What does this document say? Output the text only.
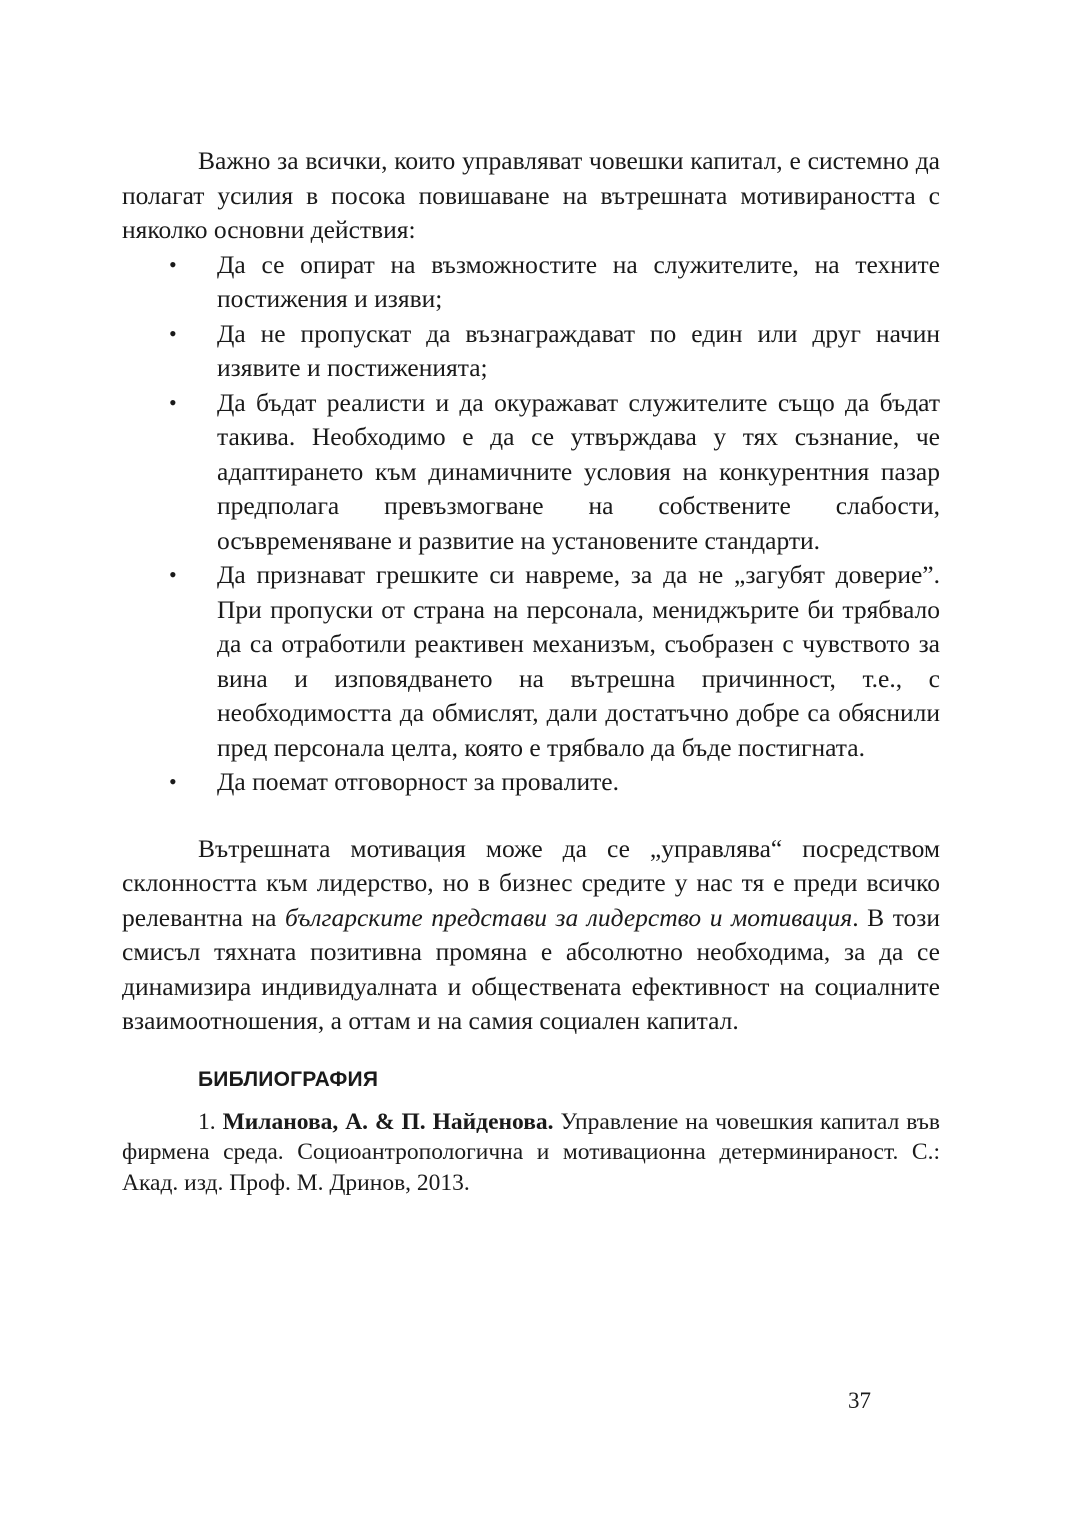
Важно за всички, които управляват човешки капитал, е системно да полагат усилия в посока повишаване на вътрешната мотивираността с няколко основни действия:

• Да се опират на възможностите на служителите, на техните постижения и изяви;
• Да не пропускат да възнаграждават по един или друг начин изявите и постиженията;
• Да бъдат реалисти и да окуражават служителите също да бъдат такива. Необходимо е да се утвърждава у тях съзнание, че адаптирането към динамичните условия на конкурентния пазар предполага превъзмогване на собствените слабости, осъвременяване и развитие на установените стандарти.
• Да признават грешките си навреме, за да не „загубят доверие”. При пропуски от страна на персонала, мениджърите би трябвало да са отработили реактивен механизъм, съобразен с чувството за вина и изповядването на вътрешна причинност, т.е., с необходимостта да обмислят, дали достатъчно добре са обяснили пред персонала целта, която е трябвало да бъде постигната.
• Да поемат отговорност за провалите.

Вътрешната мотивация може да се „управлява“ посредством склонността към лидерство, но в бизнес средите у нас тя е преди всичко релевантна на българските представи за лидерство и мотивация. В този смисъл тяхната позитивна промяна е абсолютно необходима, за да се динамизира индивидуалната и обществената ефективност на социалните взаимоотношения, а оттам и на самия социален капитал.

БИБЛИОГРАФИЯ

1. Миланова, А. & П. Найденова. Управление на човешкия капитал във фирмена среда. Социоантропологична и мотивационна детерминираност. С.: Акад. изд. Проф. М. Дринов, 2013.

37
